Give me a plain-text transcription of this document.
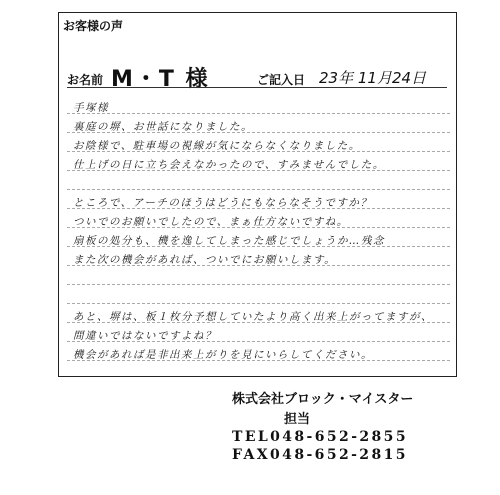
お客様の声
お名前 M・T 様	ご記入日 23年 11月24日
手塚様
裏庭の塀、お世話になりました。
お陰様で、駐車場の視線が気にならなくなりました。
仕上げの日に立ち会えなかったので、すみませんでした。
ところで、アーチのほうはどうにもならなそうですか？
ついでのお願いでしたので、まぁ仕方ないですね。
扇板の処分も、機を逸してしまった感じでしょうか…残念
また次の機会があれば、ついでにお願いします。
あと、塀は、板１枚分予想していたより高く出来上がってますが、
間違いではないですよね？
機会があれば是非出来上がりを見にいらしてください。
株式会社ブロック・マイスター
担当
TEL048-652-2855
FAX048-652-2815
